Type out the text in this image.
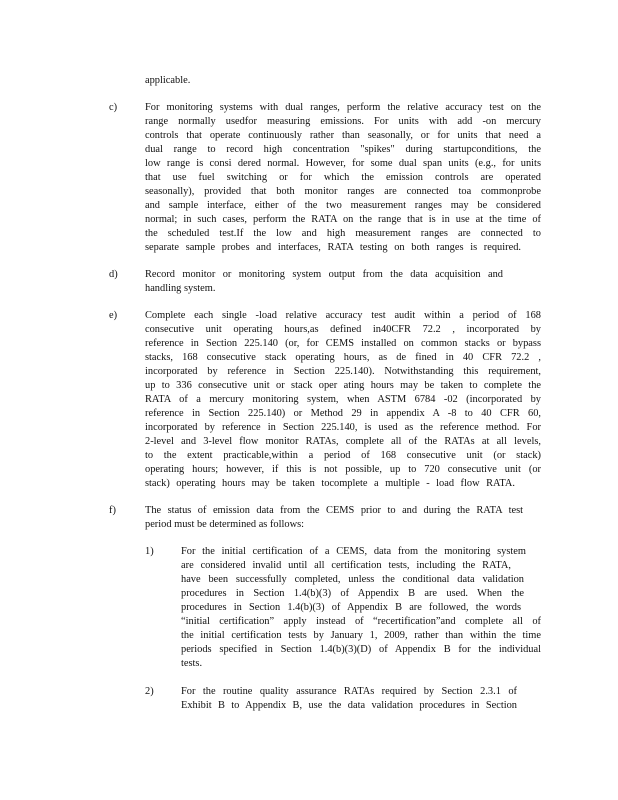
applicable.
c)	For monitoring systems with dual ranges, perform the relative accuracy test on the
range normally usedfor measuring emissions. For units with add -on mercury
controls that operate continuously rather than seasonally, or for units that need a
dual range to record high concentration "spikes" during startupconditions, the
low range is consi dered normal. However, for some dual span units (e.g., for units
that use fuel switching or for which the emission controls are operated
seasonally), provided that both monitor ranges are connected toa commonprobe
and sample interface, either of the two measurement ranges may be considered
normal; in such cases, perform the RATA on the range that is in use at the time of
the scheduled test.If the low and high measurement ranges are connected to
separate sample probes and interfaces, RATA testing on both ranges is required.
d)	Record monitor or monitoring system output from the data acquisition and
handling system.
e)	Complete each single -load relative accuracy test audit within a period of 168
consecutive unit operating hours,as defined in40CFR 72.2 , incorporated by
reference in Section 225.140 (or, for CEMS installed on common stacks or bypass
stacks, 168 consecutive stack operating hours, as de fined in 40 CFR 72.2 ,
incorporated by reference in Section 225.140). Notwithstanding this requirement,
up to 336 consecutive unit or stack oper ating hours may be taken to complete the
RATA of a mercury monitoring system, when ASTM 6784 -02 (incorporated by
reference in Section 225.140) or Method 29 in appendix A -8 to 40 CFR 60,
incorporated by reference in Section 225.140, is used as the reference method. For
2-level and 3-level flow monitor RATAs, complete all of the RATAs at all levels,
to the extent practicable,within a period of 168 consecutive unit (or stack)
operating hours; however, if this is not possible, up to 720 consecutive unit (or
stack) operating hours may be taken tocomplete a multiple - load flow RATA.
f)	The status of emission data from the CEMS prior to and during the RATA test
period must be determined as follows:
1)	For the initial certification of a CEMS, data from the monitoring system
are considered invalid until all certification tests, including the RATA,
have been successfully completed, unless the conditional data validation
procedures in Section 1.4(b)(3) of Appendix B are used. When the
procedures in Section 1.4(b)(3) of Appendix B are followed, the words
“initial certification” apply instead of “recertification”and complete all of
the initial certification tests by January 1, 2009, rather than within the time
periods specified in Section 1.4(b)(3)(D) of Appendix B for the individual
tests.
2)	For the routine quality assurance RATAs required by Section 2.3.1 of
Exhibit B to Appendix B, use the data validation procedures in Section
